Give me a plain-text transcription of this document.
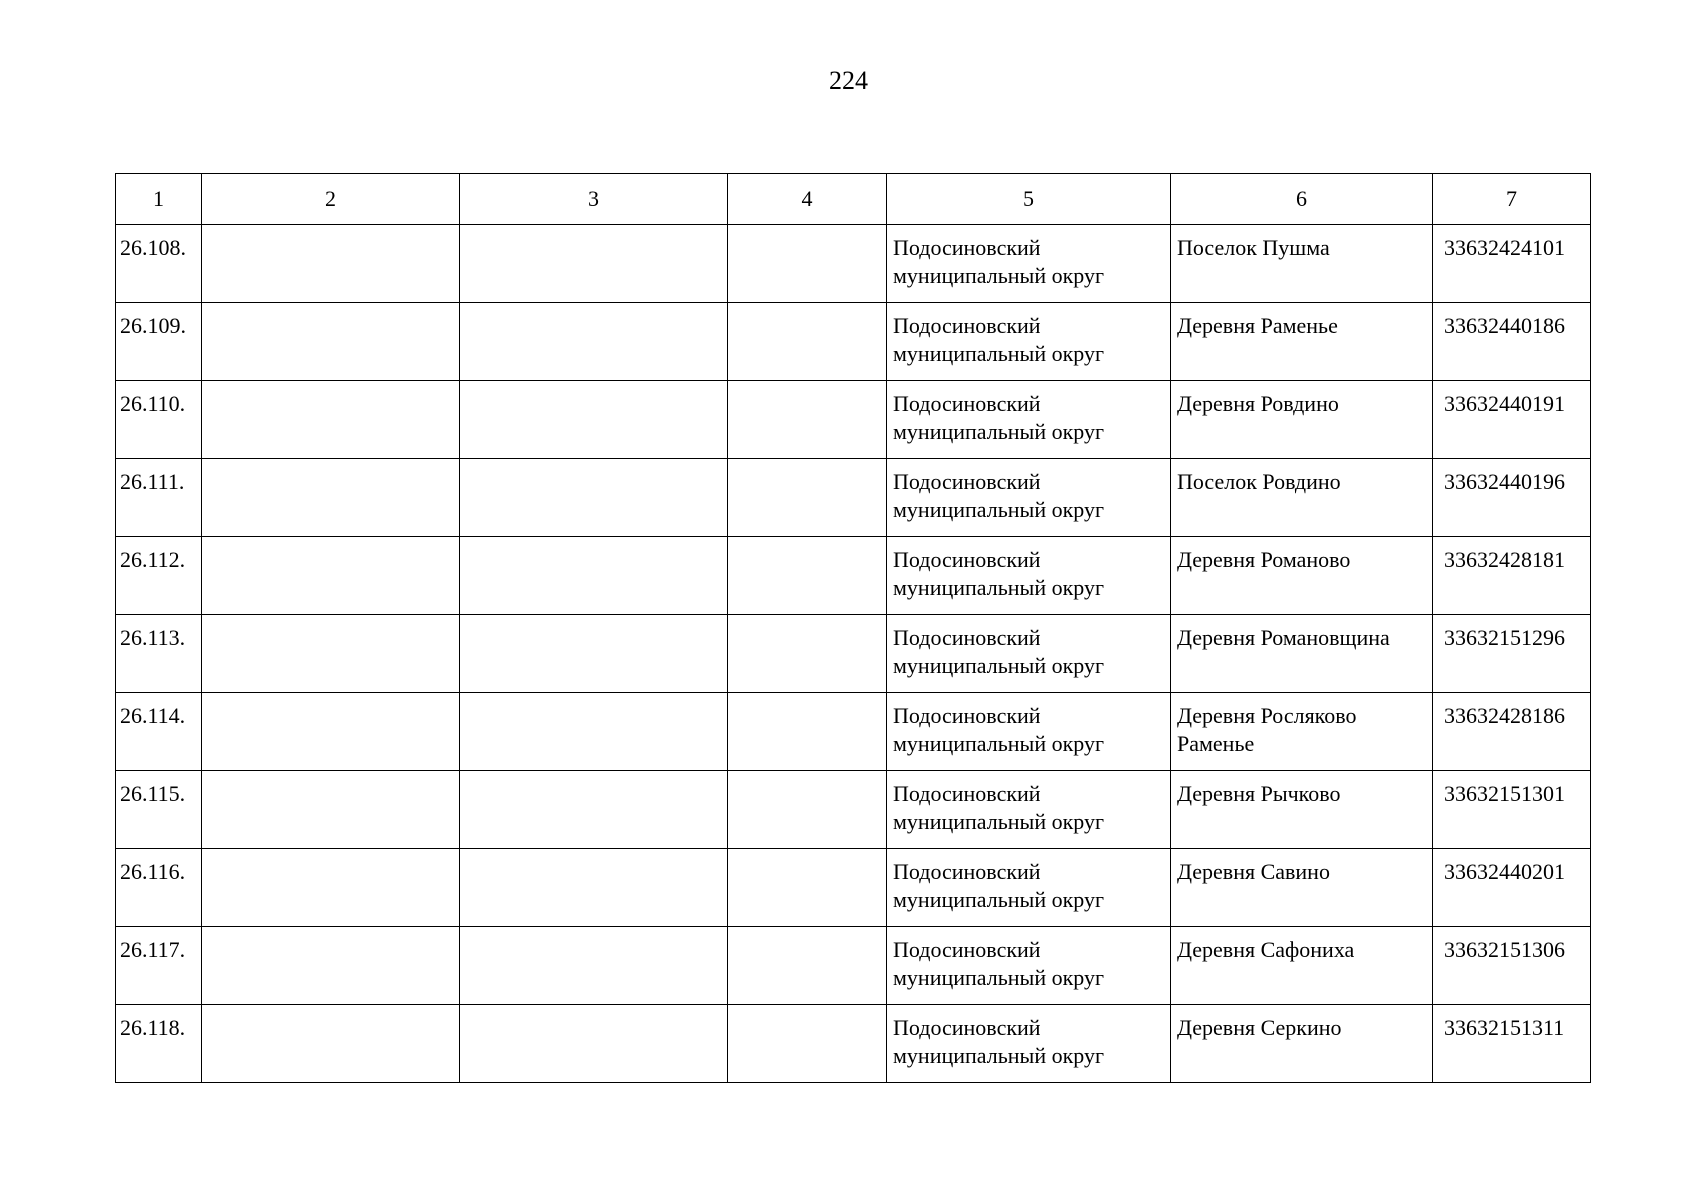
224
1	2	3	4	5	6	7
26.108.				Подосиновский муниципальный округ	Поселок Пушма	33632424101
26.109.				Подосиновский муниципальный округ	Деревня Раменье	33632440186
26.110.				Подосиновский муниципальный округ	Деревня Ровдино	33632440191
26.111.				Подосиновский муниципальный округ	Поселок Ровдино	33632440196
26.112.				Подосиновский муниципальный округ	Деревня Романово	33632428181
26.113.				Подосиновский муниципальный округ	Деревня Романовщина	33632151296
26.114.				Подосиновский муниципальный округ	Деревня Росляково Раменье	33632428186
26.115.				Подосиновский муниципальный округ	Деревня Рычково	33632151301
26.116.				Подосиновский муниципальный округ	Деревня Савино	33632440201
26.117.				Подосиновский муниципальный округ	Деревня Сафониха	33632151306
26.118.				Подосиновский муниципальный округ	Деревня Серкино	33632151311
